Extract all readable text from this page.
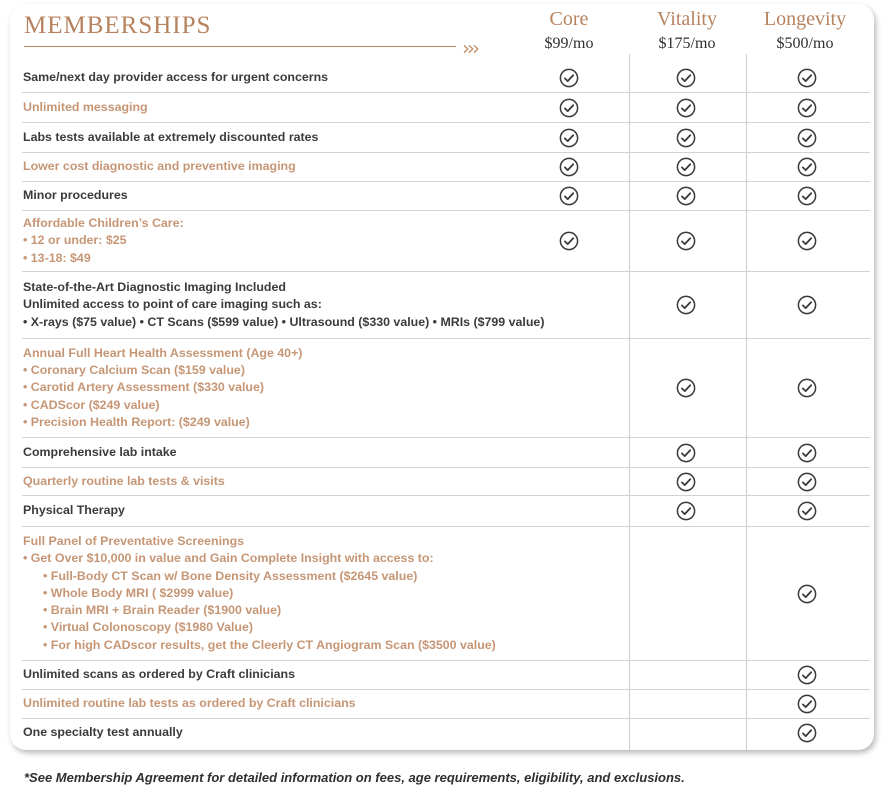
MEMBERSHIPS
›››
Core
$99/mo
Vitality
$175/mo
Longevity
$500/mo
Same/next day provider access for urgent concerns
Unlimited messaging
Labs tests available at extremely discounted rates
Lower cost diagnostic and preventive imaging
Minor procedures
Affordable Children’s Care:
• 12 or under: $25
• 13-18: $49
State-of-the-Art Diagnostic Imaging Included
Unlimited access to point of care imaging such as:
• X-rays ($75 value) • CT Scans ($599 value) • Ultrasound ($330 value) • MRIs ($799 value)
Annual Full Heart Health Assessment (Age 40+)
• Coronary Calcium Scan ($159 value)
• Carotid Artery Assessment ($330 value)
• CADScor ($249 value)
• Precision Health Report: ($249 value)
Comprehensive lab intake
Quarterly routine lab tests & visits
Physical Therapy
Full Panel of Preventative Screenings
• Get Over $10,000 in value and Gain Complete Insight with access to:
• Full-Body CT Scan w/ Bone Density Assessment ($2645 value)
• Whole Body MRI ( $2999 value)
• Brain MRI + Brain Reader ($1900 value)
• Virtual Colonoscopy ($1980 Value)
• For high CADscor results, get the Cleerly CT Angiogram Scan ($3500 value)
Unlimited scans as ordered by Craft clinicians
Unlimited routine lab tests as ordered by Craft clinicians
One specialty test annually

*See Membership Agreement for detailed information on fees, age requirements, eligibility, and exclusions.
